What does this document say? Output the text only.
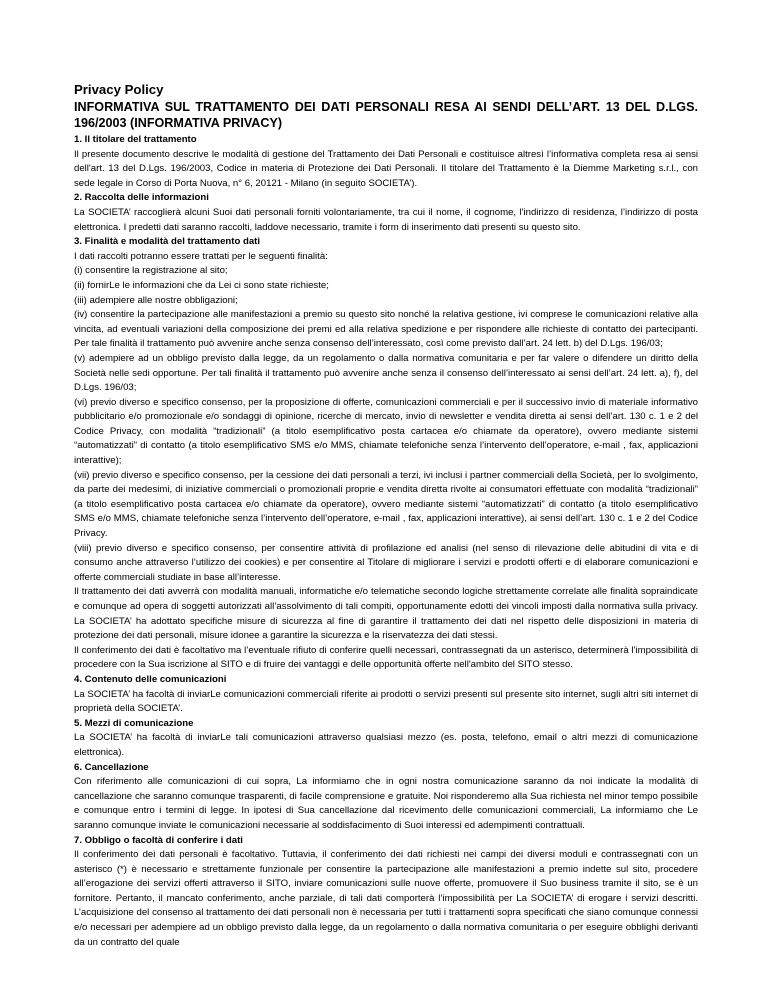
Privacy Policy
INFORMATIVA SUL TRATTAMENTO DEI DATI PERSONALI RESA AI SENDI DELL’ART. 13 DEL D.LGS. 196/2003 (INFORMATIVA PRIVACY)
1. Il titolare del trattamento
Il presente documento descrive le modalità di gestione del Trattamento dei Dati Personali e costituisce altresì l’informativa completa resa ai sensi dell'art. 13 del D.Lgs. 196/2003, Codice in materia di Protezione dei Dati Personali. Il titolare del Trattamento è la Diemme Marketing s.r.l., con sede legale in Corso di Porta Nuova, n° 6, 20121 - Milano (in seguito SOCIETA’).
2. Raccolta delle informazioni
La SOCIETA’ raccoglierà alcuni Suoi dati personali forniti volontariamente, tra cui il nome, il cognome, l'indirizzo di residenza, l’indirizzo di posta elettronica. I predetti dati saranno raccolti, laddove necessario, tramite i form di inserimento dati presenti su questo sito.
3. Finalità e modalità del trattamento dati
I dati raccolti potranno essere trattati per le seguenti finalità:
(i) consentire la registrazione al sito;
(ii) fornirLe le informazioni che da Lei ci sono state richieste;
(iii) adempiere alle nostre obbligazioni;
(iv) consentire la partecipazione alle manifestazioni a premio su questo sito nonché la relativa gestione, ivi comprese le comunicazioni relative alla vincita, ad eventuali variazioni della composizione dei premi ed alla relativa spedizione e per rispondere alle richieste di contatto dei partecipanti. Per tale finalità il trattamento può avvenire anche senza consenso dell’interessato, così come previsto dall’art. 24 lett. b) del D.Lgs. 196/03;
(v) adempiere ad un obbligo previsto dalla legge, da un regolamento o dalla normativa comunitaria e per far valere o difendere un diritto della Società nelle sedi opportune. Per tali finalità il trattamento può avvenire anche senza il consenso dell’interessato ai sensi dell’art. 24 lett. a), f), del D.Lgs. 196/03;
(vi) previo diverso e specifico consenso, per la proposizione di offerte, comunicazioni commerciali e per il successivo invio di materiale informativo pubblicitario e/o promozionale e/o sondaggi di opinione, ricerche di mercato, invio di newsletter e vendita diretta ai sensi dell’art. 130 c. 1 e 2 del Codice Privacy, con modalità “tradizionali” (a titolo esemplificativo posta cartacea e/o chiamate da operatore), ovvero mediante sistemi “automatizzati” di contatto (a titolo esemplificativo SMS e/o MMS, chiamate telefoniche senza l’intervento dell’operatore, e-mail , fax, applicazioni interattive);
(vii) previo diverso e specifico consenso, per la cessione dei dati personali a terzi, ivi inclusi i partner commerciali della Società, per lo svolgimento, da parte dei medesimi, di iniziative commerciali o promozionali proprie e vendita diretta rivolte ai consumatori effettuate con modalità “tradizionali” (a titolo esemplificativo posta cartacea e/o chiamate da operatore), ovvero mediante sistemi “automatizzati” di contatto (a titolo esemplificativo SMS e/o MMS, chiamate telefoniche senza l’intervento dell’operatore, e-mail , fax, applicazioni interattive), ai sensi dell’art. 130 c. 1 e 2 del Codice Privacy.
(viii) previo diverso e specifico consenso, per consentire attività di profilazione ed analisi (nel senso di rilevazione delle abitudini di vita e di consumo anche attraverso l’utilizzo dei cookies) e per consentire al Titolare di migliorare i servizi e prodotti offerti e di elaborare comunicazioni e offerte commerciali studiate in base all’interesse.
Il trattamento dei dati avverrà con modalità manuali, informatiche e/o telematiche secondo logiche strettamente correlate alle finalità sopraindicate e comunque ad opera di soggetti autorizzati all’assolvimento di tali compiti, opportunamente edotti dei vincoli imposti dalla normativa sulla privacy. La SOCIETA’ ha adottato specifiche misure di sicurezza al fine di garantire il trattamento dei dati nel rispetto delle disposizioni in materia di protezione dei dati personali, misure idonee a garantire la sicurezza e la riservatezza dei dati stessi.
Il conferimento dei dati è facoltativo ma l’eventuale rifiuto di conferire quelli necessari, contrassegnati da un asterisco, determinerà l'impossibilità di procedere con la Sua iscrizione al SITO e di fruire dei vantaggi e delle opportunità offerte nell'ambito del SITO stesso.
4. Contenuto delle comunicazioni
La SOCIETA’ ha facoltà di inviarLe comunicazioni commerciali riferite ai prodotti o servizi presenti sul presente sito internet, sugli altri siti internet di proprietà della SOCIETA’.
5. Mezzi di comunicazione
La SOCIETA’ ha facoltà di inviarLe tali comunicazioni attraverso qualsiasi mezzo (es. posta, telefono, email o altri mezzi di comunicazione elettronica).
6. Cancellazione
Con riferimento alle comunicazioni di cui sopra, La informiamo che in ogni nostra comunicazione saranno da noi indicate la modalità di cancellazione che saranno comunque trasparenti, di facile comprensione e gratuite. Noi risponderemo alla Sua richiesta nel minor tempo possibile e comunque entro i termini di legge. In ipotesi di Sua cancellazione dal ricevimento delle comunicazioni commerciali, La informiamo che Le saranno comunque inviate le comunicazioni necessarie al soddisfacimento di Suoi interessi ed adempimenti contrattuali.
7. Obbligo o facoltà di conferire i dati
Il conferimento dei dati personali è facoltativo. Tuttavia, il conferimento dei dati richiesti nei campi dei diversi moduli e contrassegnati con un asterisco (*) è necessario e strettamente funzionale per consentire la partecipazione alle manifestazioni a premio indette sul sito, procedere all’erogazione dei servizi offerti attraverso il SITO, inviare comunicazioni sulle nuove offerte, promuovere il Suo business tramite il sito, se è un fornitore. Pertanto, il mancato conferimento, anche parziale, di tali dati comporterà l’impossibilità per La SOCIETA’ di erogare i servizi descritti. L’acquisizione del consenso al trattamento dei dati personali non è necessaria per tutti i trattamenti sopra specificati che siano comunque connessi e/o necessari per adempiere ad un obbligo previsto dalla legge, da un regolamento o dalla normativa comunitaria o per eseguire obblighi derivanti da un contratto del quale
